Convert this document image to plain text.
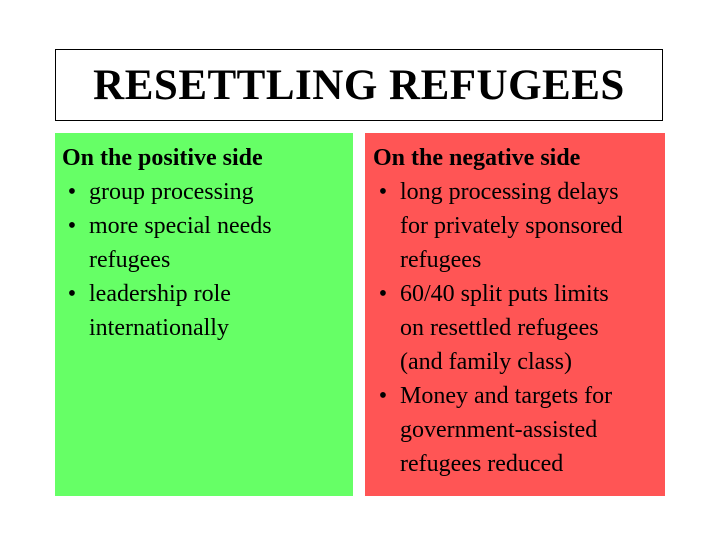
RESETTLING REFUGEES
On the positive side
• group processing
• more special needs
refugees
• leadership role
internationally
On the negative side
• long processing delays
for privately sponsored
refugees
• 60/40 split puts limits
on resettled refugees
(and family class)
• Money and targets for
government-assisted
refugees reduced
